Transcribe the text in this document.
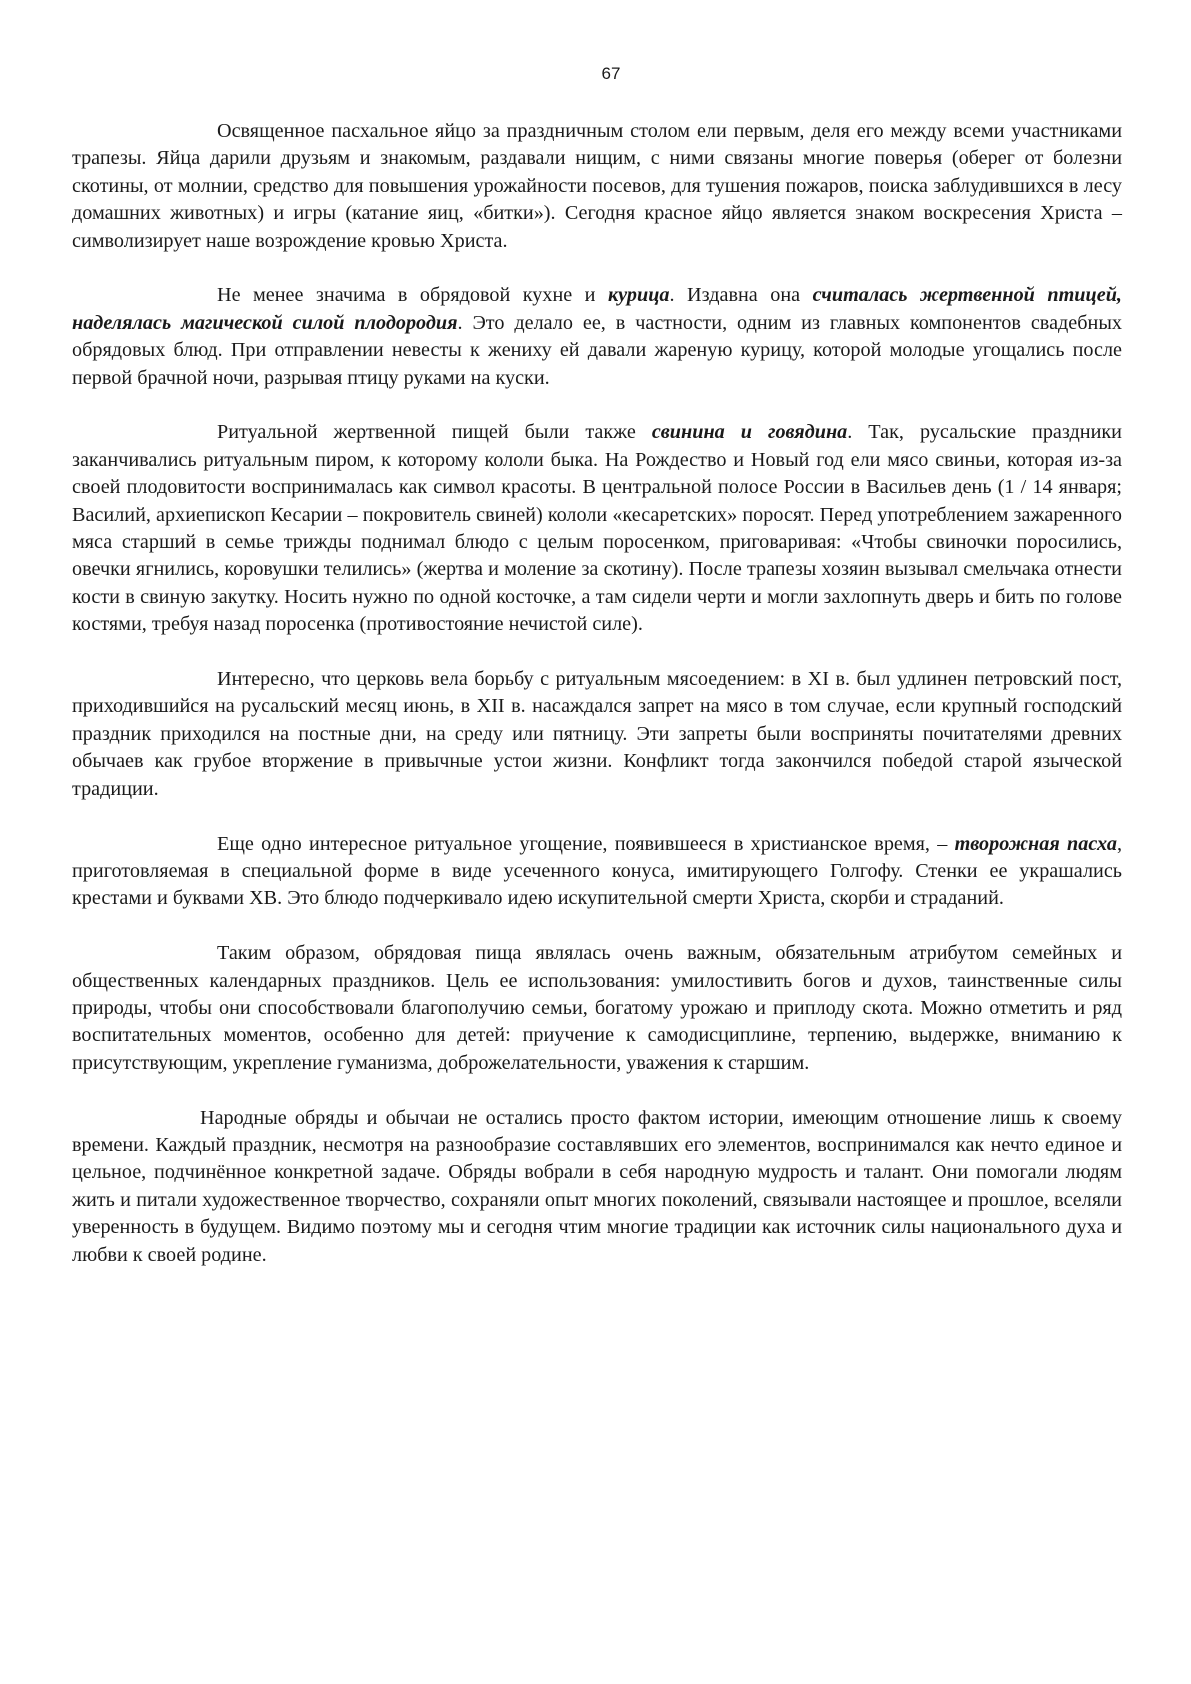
67

Освященное пасхальное яйцо за праздничным столом ели первым, деля его между всеми участниками трапезы. Яйца дарили друзьям и знакомым, раздавали нищим, с ними связаны многие поверья (оберег от болезни скотины, от молнии, средство для повышения урожайности посевов, для тушения пожаров, поиска заблудившихся в лесу домашних животных) и игры (катание яиц, «битки»). Сегодня красное яйцо является знаком воскресения Христа – символизирует наше возрождение кровью Христа.

Не менее значима в обрядовой кухне и курица. Издавна она считалась жертвенной птицей, наделялась магической силой плодородия. Это делало ее, в частности, одним из главных компонентов свадебных обрядовых блюд. При отправлении невесты к жениху ей давали жареную курицу, которой молодые угощались после первой брачной ночи, разрывая птицу руками на куски.

Ритуальной жертвенной пищей были также свинина и говядина. Так, русальские праздники заканчивались ритуальным пиром, к которому кололи быка. На Рождество и Новый год ели мясо свиньи, которая из-за своей плодовитости воспринималась как символ красоты. В центральной полосе России в Васильев день (1 / 14 января; Василий, архиепископ Кесарии – покровитель свиней) кололи «кесаретских» поросят. Перед употреблением зажаренного мяса старший в семье трижды поднимал блюдо с целым поросенком, приговаривая: «Чтобы свиночки поросились, овечки ягнились, коровушки телились» (жертва и моление за скотину). После трапезы хозяин вызывал смельчака отнести кости в свиную закутку. Носить нужно по одной косточке, а там сидели черти и могли захлопнуть дверь и бить по голове костями, требуя назад поросенка (противостояние нечистой силе).

Интересно, что церковь вела борьбу с ритуальным мясоедением: в XI в. был удлинен петровский пост, приходившийся на русальский месяц июнь, в XII в. насаждался запрет на мясо в том случае, если крупный господский праздник приходился на постные дни, на среду или пятницу. Эти запреты были восприняты почитателями древних обычаев как грубое вторжение в привычные устои жизни. Конфликт тогда закончился победой старой языческой традиции.

Еще одно интересное ритуальное угощение, появившееся в христианское время, – творожная пасха, приготовляемая в специальной форме в виде усеченного конуса, имитирующего Голгофу. Стенки ее украшались крестами и буквами ХВ. Это блюдо подчеркивало идею искупительной смерти Христа, скорби и страданий.

Таким образом, обрядовая пища являлась очень важным, обязательным атрибутом семейных и общественных календарных праздников. Цель ее использования: умилостивить богов и духов, таинственные силы природы, чтобы они способствовали благополучию семьи, богатому урожаю и приплоду скота. Можно отметить и ряд воспитательных моментов, особенно для детей: приучение к самодисциплине, терпению, выдержке, вниманию к присутствующим, укрепление гуманизма, доброжелательности, уважения к старшим.

Народные обряды и обычаи не остались просто фактом истории, имеющим отношение лишь к своему времени. Каждый праздник, несмотря на разнообразие составлявших его элементов, воспринимался как нечто единое и цельное, подчинённое конкретной задаче. Обряды вобрали в себя народную мудрость и талант. Они помогали людям жить и питали художественное творчество, сохраняли опыт многих поколений, связывали настоящее и прошлое, вселяли уверенность в будущем. Видимо поэтому мы и сегодня чтим многие традиции как источник силы национального духа и любви к своей родине.
